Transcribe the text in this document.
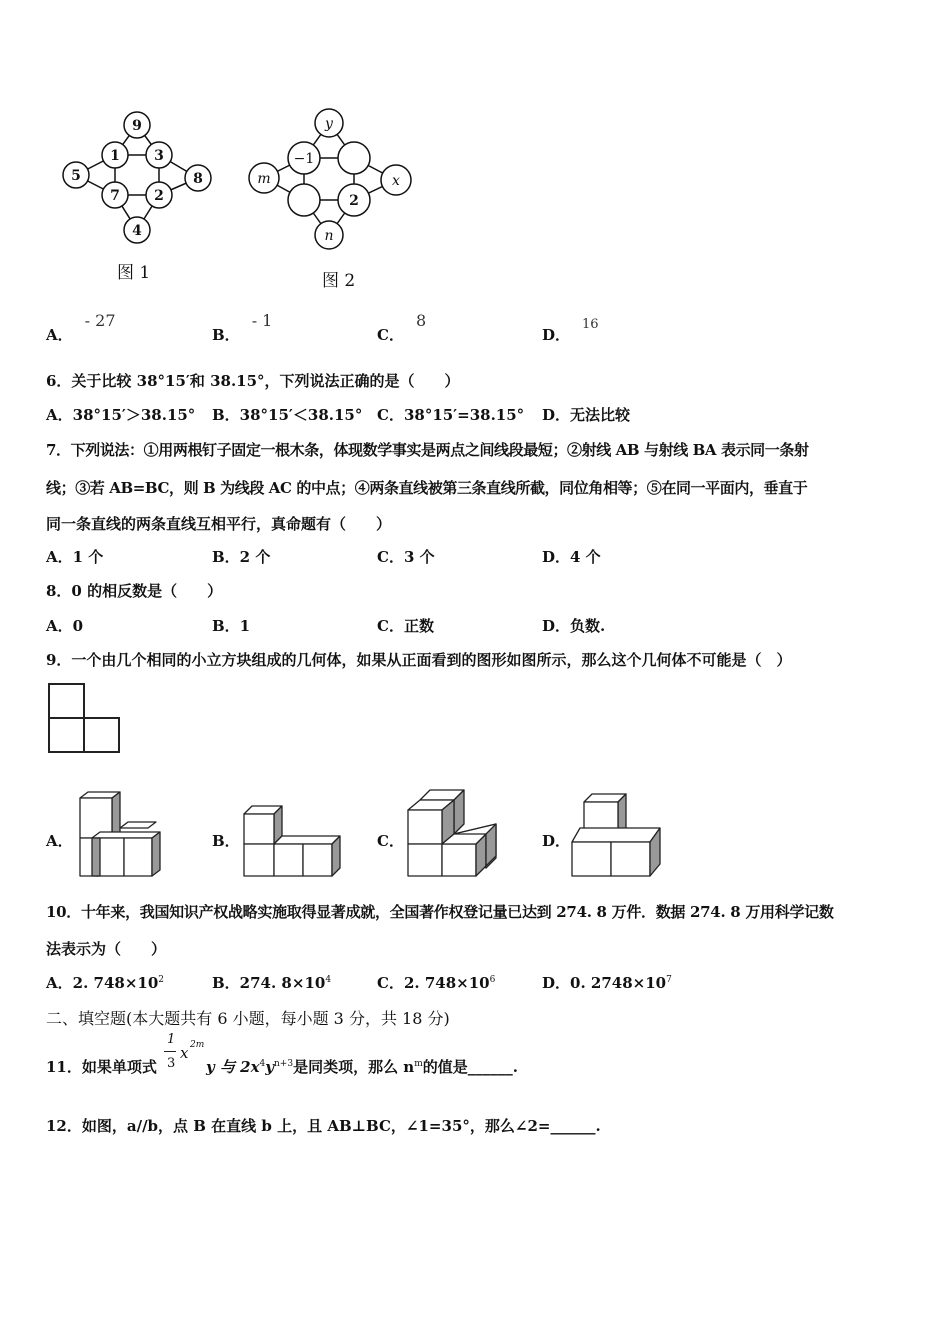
9
1 3
5
7 2
8
4
图 1
y
−1
m	x
2
n
图 2
A．- 27
B．- 1
C．8
D．16
6．关于比较 38°15′和 38.15°，下列说法正确的是（　　）
A．38°15′＞38.15° B．38°15′＜38.15° C．38°15′=38.15° D．无法比较
7．下列说法：①用两根钉子固定一根木条，体现数学事实是两点之间线段最短；②射线 AB 与射线 BA 表示同一条射
线；③若 AB=BC，则 B 为线段 AC 的中点；④两条直线被第三条直线所截，同位角相等；⑤在同一平面内，垂直于
同一条直线的两条直线互相平行，真命题有（　　）
A．1 个	B．2 个	C．3 个	D．4 个
8．0 的相反数是（　　）
A．0	B．1	C．正数	D．负数.
9．一个由几个相同的小立方块组成的几何体，如果从正面看到的图形如图所示，那么这个几何体不可能是（　）
A．	B．	C．	D．
10．十年来，我国知识产权战略实施取得显著成就，全国著作权登记量已达到 274. 8 万件．数据 274. 8 万用科学记数
法表示为（　　）
A．2. $748\times 10^2$	B．274. $8\times 10^4$	C．2. $748\times 10^6$	D．0. $2748\times 10^7$
二、填空题(本大题共有 6 小题，每小题 3 分，共 18 分)
11．如果单项式
1
3
x 2m
y 与 $2x^4y^{n+3}$是同类项，那么 $n^m$的值是______.
12．如图，a//b，点 B 在直线 b 上，且 AB⊥BC，∠1=35°，那么∠2=______.
